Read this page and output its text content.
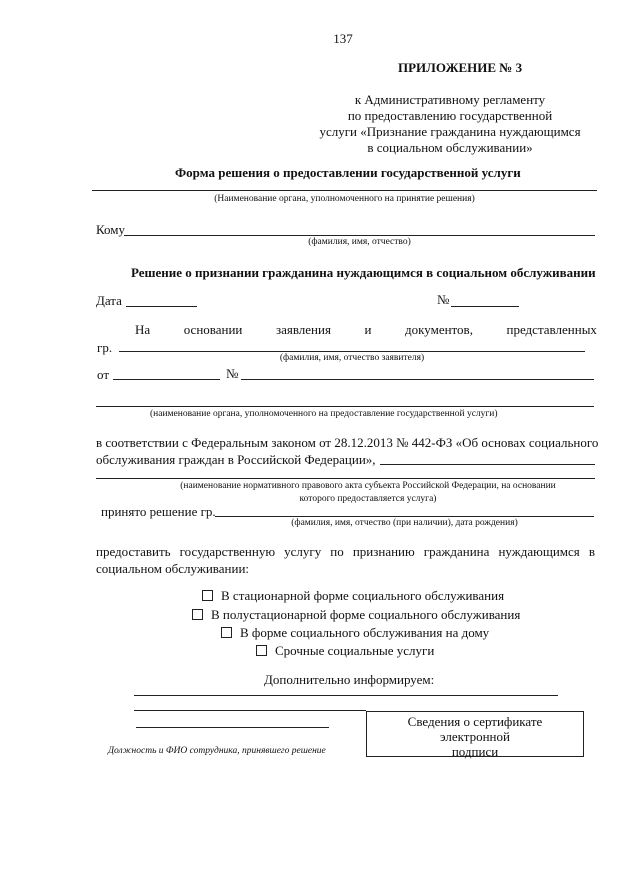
137
ПРИЛОЖЕНИЕ № 3
к Административному регламенту
по предоставлению государственной
услуги «Признание гражданина нуждающимся
в социальном обслуживании»
Форма решения о предоставлении государственной услуги
(Наименование органа, уполномоченного на принятие решения)
Кому
(фамилия, имя, отчество)
Решение о признании гражданина нуждающимся в социальном обслуживании
Дата	№
На	основании	заявления	и	документов,	представленных
гр.
(фамилия, имя, отчество заявителя)
от	№
(наименование органа, уполномоченного на предоставление государственной услуги)
в соответствии с Федеральным законом от 28.12.2013 № 442-ФЗ «Об основах социального
обслуживания граждан в Российской Федерации»,
(наименование нормативного правового акта субъекта Российской Федерации, на основании
которого предоставляется услуга)
принято решение гр.
(фамилия, имя, отчество (при наличии), дата рождения)
предоставить государственную услугу по признанию гражданина нуждающимся в
социальном обслуживании:
В стационарной форме социального обслуживания
В полустационарной форме социального обслуживания
В форме социального обслуживания на дому
Срочные социальные услуги
Дополнительно информируем:
Должность и ФИО сотрудника, принявшего решение
Сведения о сертификате
электронной
подписи
